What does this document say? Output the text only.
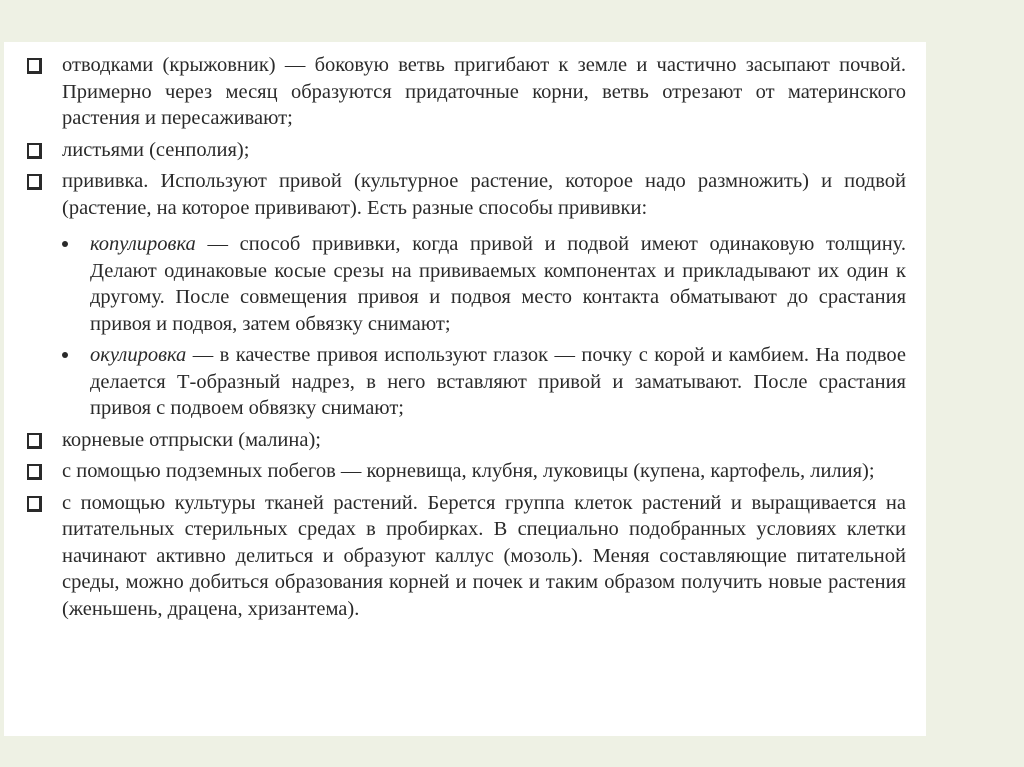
отводками (крыжовник) — боковую ветвь пригибают к земле и частично засыпают почвой. Примерно через месяц образуются придаточные корни, ветвь отрезают от материнского растения и пересаживают;
листьями (сенполия);
прививка. Используют привой (культурное растение, которое надо размножить) и подвой (растение, на которое прививают). Есть разные способы прививки:
копулировка — способ прививки, когда привой и подвой имеют одинаковую толщину. Делают одинаковые косые срезы на прививаемых компонентах и прикладывают их один к другому. После совмещения привоя и подвоя место контакта обматывают до срастания привоя и подвоя, затем обвязку снимают;
окулировка — в качестве привоя используют глазок — почку с корой и камбием. На подвое делается Т-образный надрез, в него вставляют привой и заматывают. После срастания привоя с подвоем обвязку снимают;
корневые отпрыски (малина);
с помощью подземных побегов — корневища, клубня, луковицы (купена, картофель, лилия);
с помощью культуры тканей растений. Берется группа клеток растений и выращивается на питательных стерильных средах в пробирках. В специально подобранных условиях клетки начинают активно делиться и образуют каллус (мозоль). Меняя составляющие питательной среды, можно добиться образования корней и почек и таким образом получить новые растения (женьшень, драцена, хризантема).
